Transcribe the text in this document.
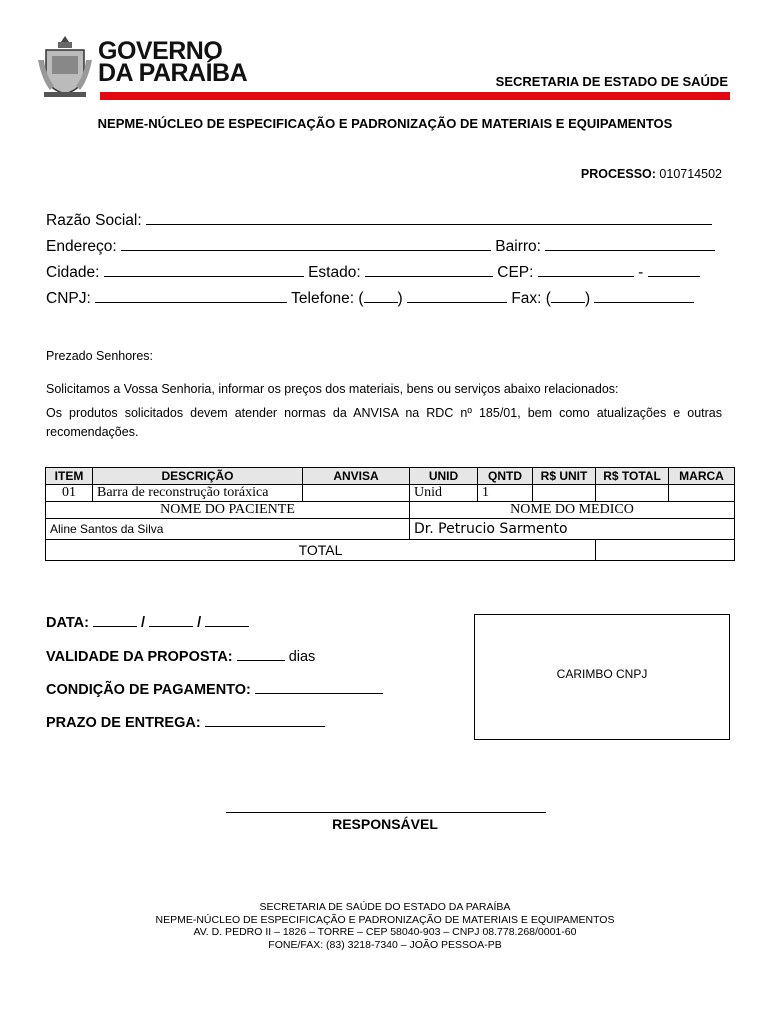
GOVERNO
DA PARAÍBA	SECRETARIA DE ESTADO DE SAÚDE
NEPME-NÚCLEO DE ESPECIFICAÇÃO E PADRONIZAÇÃO DE MATERIAIS E EQUIPAMENTOS
PROCESSO: 010714502
Razão Social:
Endereço:	Bairro:
Cidade:	Estado:	CEP:	-
CNPJ:	Telefone: ( )	Fax: ( )
Prezado Senhores:
Solicitamos a Vossa Senhoria, informar os preços dos materiais, bens ou serviços abaixo relacionados:
Os produtos solicitados devem atender normas da ANVISA na RDC nº 185/01, bem como atualizações e outras recomendações.
ITEM	DESCRIÇÃO	ANVISA	UNID	QNTD	R$ UNIT	R$ TOTAL	MARCA
01	Barra de reconstrução toráxica		Unid	1			
NOME DO PACIENTE			NOME DO MEDICO				
Aline Santos da Silva			Dr. Petrucio Sarmento				
TOTAL							
DATA:	/	/
VALIDADE DA PROPOSTA:	dias
CONDIÇÃO DE PAGAMENTO:
PRAZO DE ENTREGA:
CARIMBO CNPJ
RESPONSÁVEL
SECRETARIA DE SAÚDE DO ESTADO DA PARAÍBA
NEPME-NÚCLEO DE ESPECIFICAÇÃO E PADRONIZAÇÃO DE MATERIAIS E EQUIPAMENTOS
AV. D. PEDRO II – 1826 – TORRE – CEP 58040-903 – CNPJ 08.778.268/0001-60
FONE/FAX: (83) 3218-7340 – JOÃO PESSOA-PB
